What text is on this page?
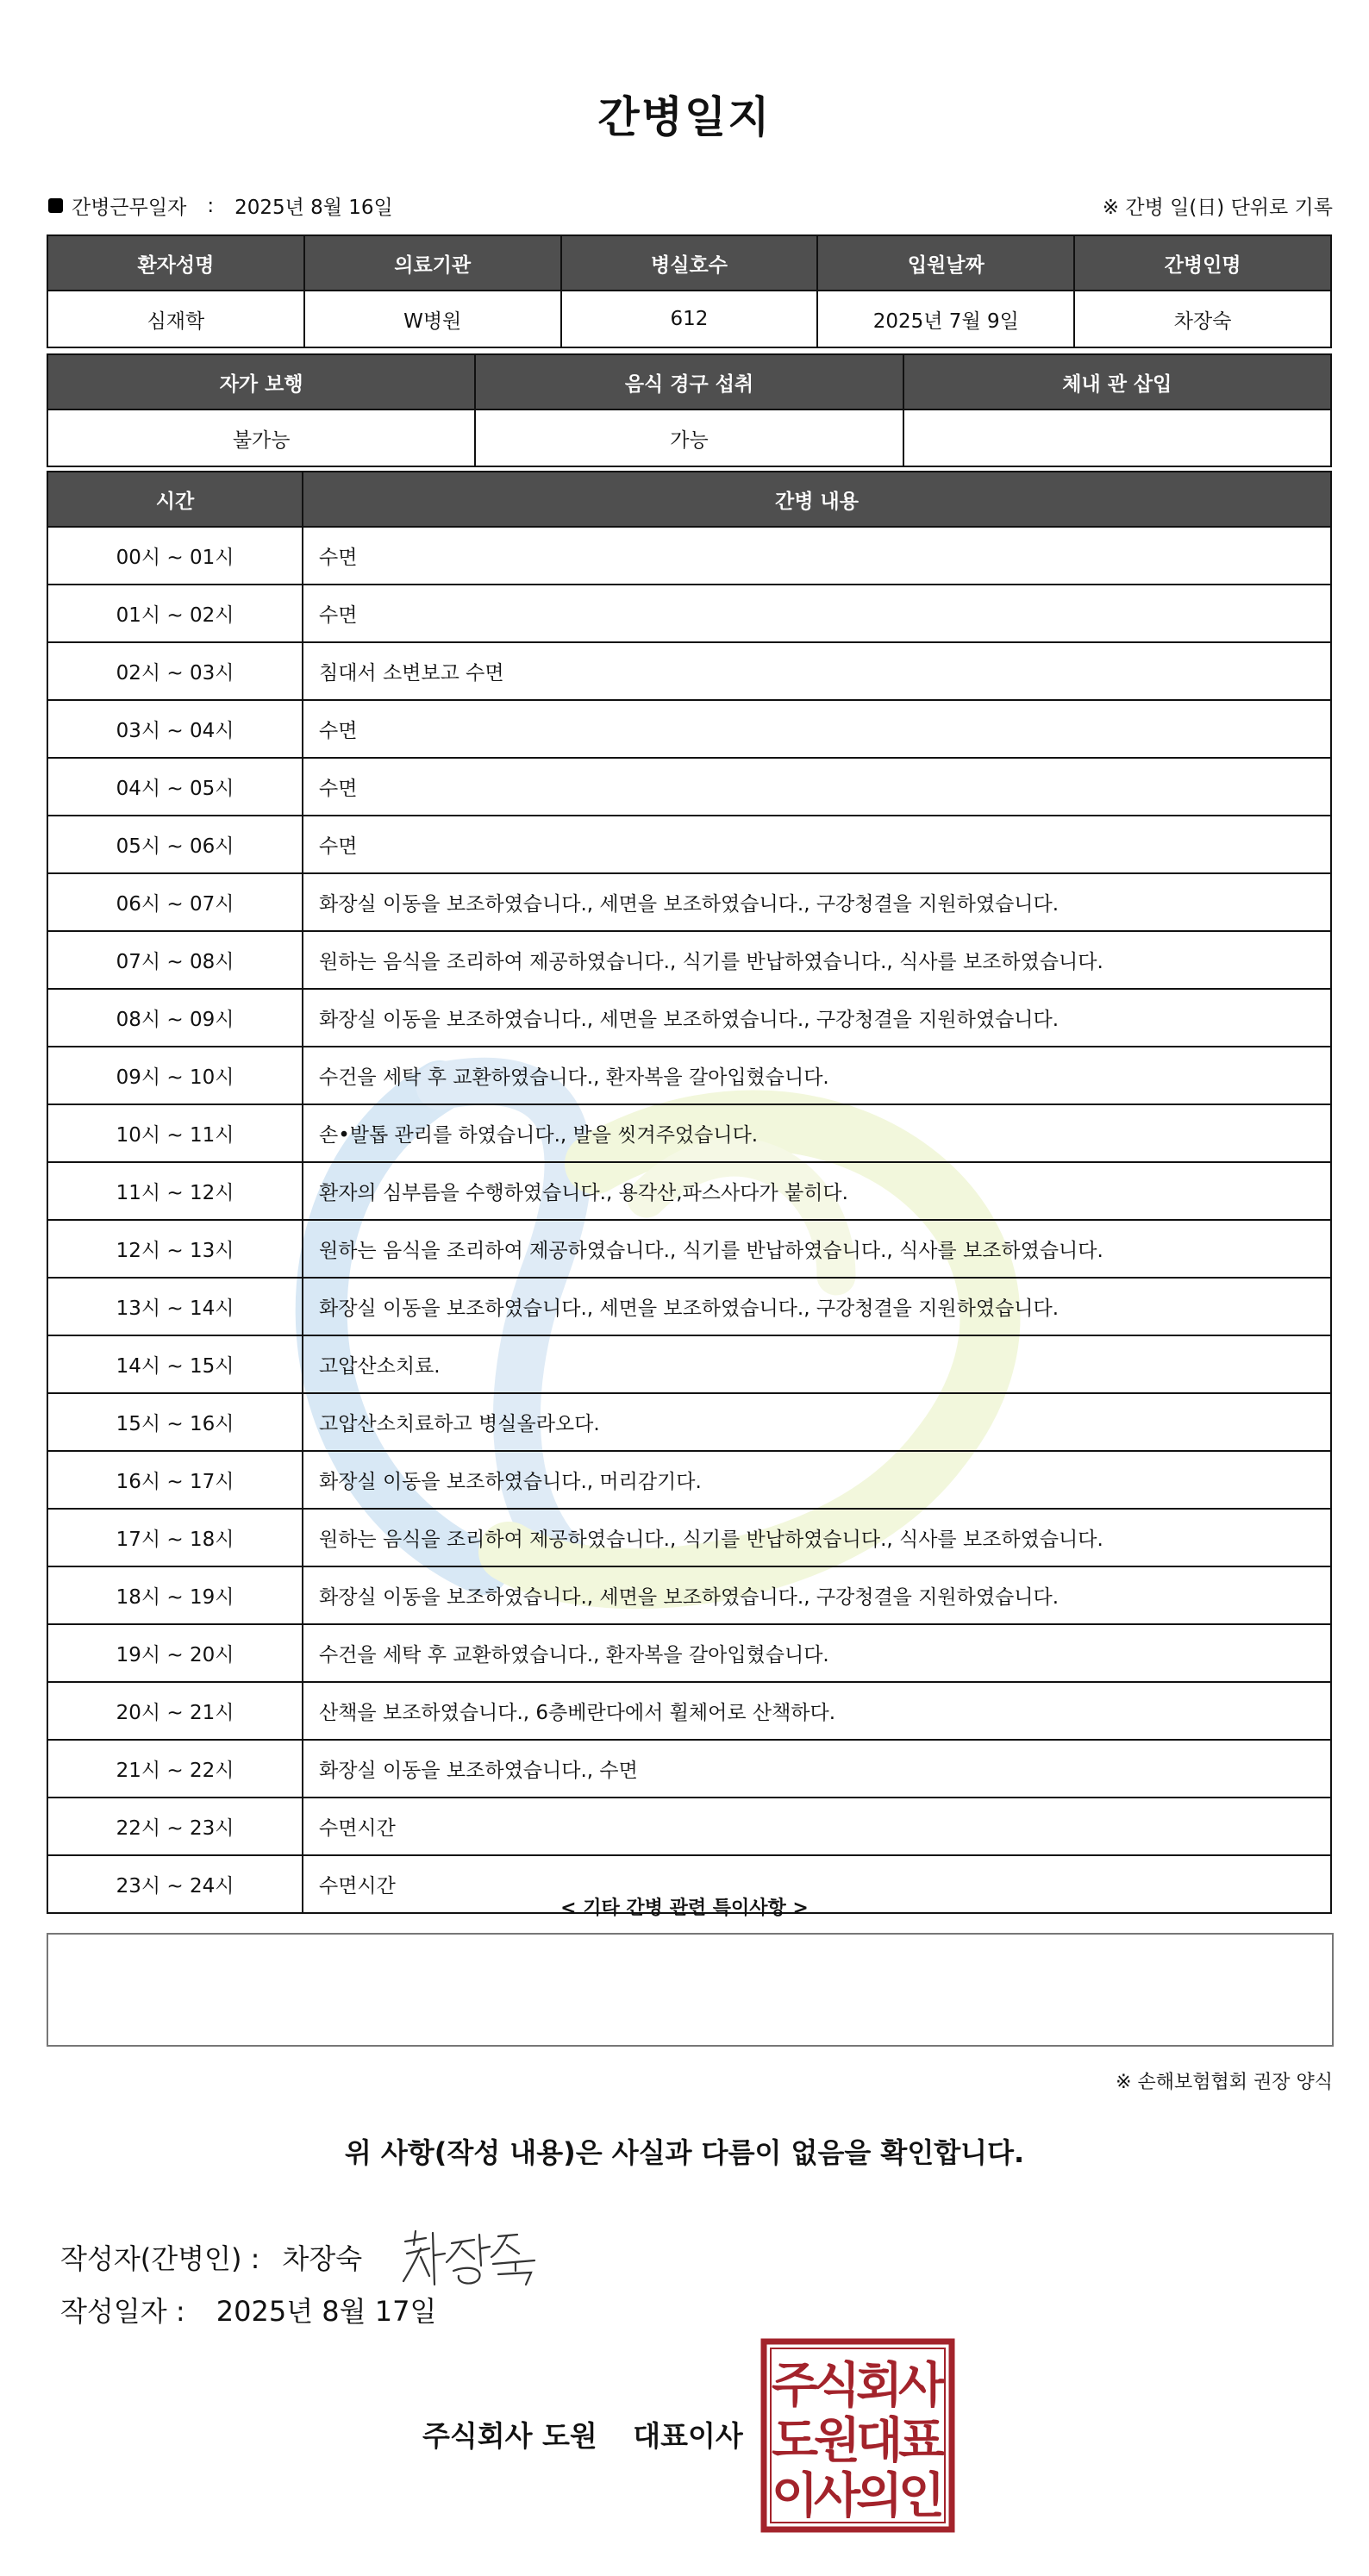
간병일지
간병근무일자 : 2025년 8월 16일	※ 간병 일(日) 단위로 기록
환자성명	의료기관	병실호수	입원날짜	간병인명
심재학	W병원	612	2025년 7월 9일	차장숙
자가 보행	음식 경구 섭취	체내 관 삽입
불가능	가능	
시간	간병 내용
00시 ~ 01시	수면
01시 ~ 02시	수면
02시 ~ 03시	침대서 소변보고 수면
03시 ~ 04시	수면
04시 ~ 05시	수면
05시 ~ 06시	수면
06시 ~ 07시	화장실 이동을 보조하였습니다., 세면을 보조하였습니다., 구강청결을 지원하였습니다.
07시 ~ 08시	원하는 음식을 조리하여 제공하였습니다., 식기를 반납하였습니다., 식사를 보조하였습니다.
08시 ~ 09시	화장실 이동을 보조하였습니다., 세면을 보조하였습니다., 구강청결을 지원하였습니다.
09시 ~ 10시	수건을 세탁 후 교환하였습니다., 환자복을 갈아입혔습니다.
10시 ~ 11시	손•발톱 관리를 하였습니다., 발을 씻겨주었습니다.
11시 ~ 12시	환자의 심부름을 수행하였습니다., 용각산,파스사다가 붙히다.
12시 ~ 13시	원하는 음식을 조리하여 제공하였습니다., 식기를 반납하였습니다., 식사를 보조하였습니다.
13시 ~ 14시	화장실 이동을 보조하였습니다., 세면을 보조하였습니다., 구강청결을 지원하였습니다.
14시 ~ 15시	고압산소치료.
15시 ~ 16시	고압산소치료하고 병실올라오다.
16시 ~ 17시	화장실 이동을 보조하였습니다., 머리감기다.
17시 ~ 18시	원하는 음식을 조리하여 제공하였습니다., 식기를 반납하였습니다., 식사를 보조하였습니다.
18시 ~ 19시	화장실 이동을 보조하였습니다., 세면을 보조하였습니다., 구강청결을 지원하였습니다.
19시 ~ 20시	수건을 세탁 후 교환하였습니다., 환자복을 갈아입혔습니다.
20시 ~ 21시	산책을 보조하였습니다., 6층베란다에서 휠체어로 산책하다.
21시 ~ 22시	화장실 이동을 보조하였습니다., 수면
22시 ~ 23시	수면시간
23시 ~ 24시	수면시간
< 기타 간병 관련 특이사항 >
※ 손해보험협회 권장 양식
위 사항(작성 내용)은 사실과 다름이 없음을 확인합니다.
작성자(간병인) : 차장숙
작성일자 : 2025년 8월 17일
주식회사 도원 대표이사
주
식
회
사
도
원
대
표
이
사
의
인
